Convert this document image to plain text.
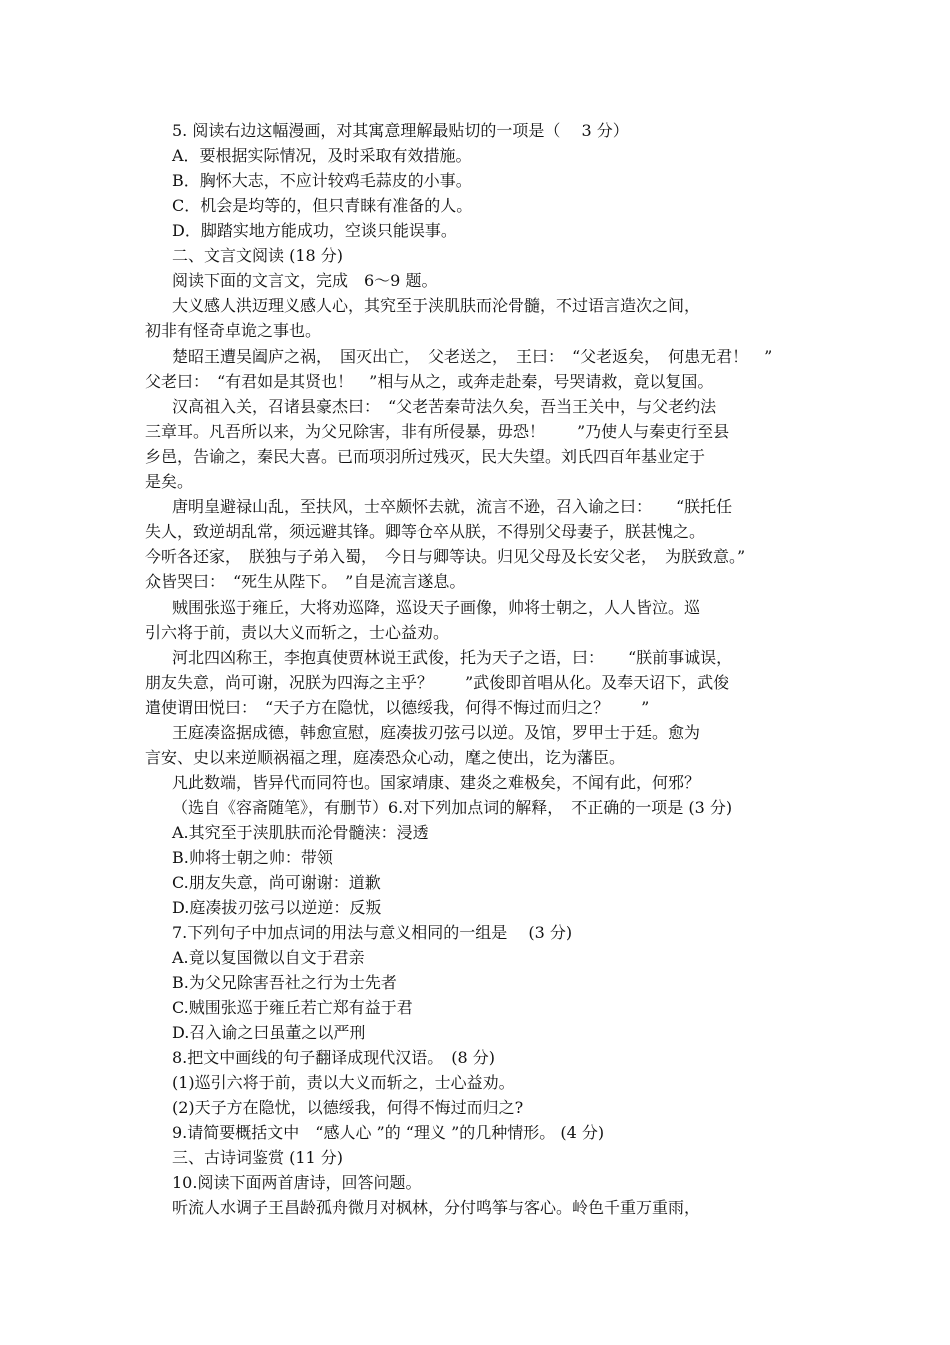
5. 阅读右边这幅漫画，对其寓意理解最贴切的一项是（　 3 分）
A．要根据实际情况，及时采取有效措施。
B．胸怀大志，不应计较鸡毛蒜皮的小事。
C．机会是均等的，但只青睐有准备的人。
D．脚踏实地方能成功，空谈只能误事。
二、文言文阅读 (18 分)
阅读下面的文言文，完成　6～9 题。
大义感人洪迈理义感人心，其究至于浃肌肤而沦骨髓，不过语言造次之间，
初非有怪奇卓诡之事也。
楚昭王遭吴阖庐之祸，　国灭出亡，　父老送之，　王曰：　“父老返矣，　何患无君！　”
父老曰：　“有君如是其贤也！　”相与从之，或奔走赴秦，号哭请救，竟以复国。
汉高祖入关，召诸县豪杰曰：　“父老苦秦苛法久矣，吾当王关中，与父老约法
三章耳。凡吾所以来，为父兄除害，非有所侵暴，毋恐！　　”乃使人与秦吏行至县
乡邑，告谕之，秦民大喜。已而项羽所过残灭，民大失望。刘氏四百年基业定于
是矣。
唐明皇避禄山乱，至扶风，士卒颇怀去就，流言不逊，召入谕之曰：　　“朕托任
失人，致逆胡乱常，须远避其锋。卿等仓卒从朕，不得别父母妻子，朕甚愧之。
今听各还家，　朕独与子弟入蜀，　今日与卿等诀。归见父母及长安父老，　为朕致意。”
众皆哭曰：　“死生从陛下。　”自是流言遂息。
贼围张巡于雍丘，大将劝巡降，巡设天子画像，帅将士朝之，人人皆泣。巡
引六将于前，责以大义而斩之，士心益劝。
河北四凶称王，李抱真使贾林说王武俊，托为天子之语，曰：　　“朕前事诚误，
朋友失意，尚可谢，况朕为四海之主乎？　　”武俊即首唱从化。及奉天诏下，武俊
遣使谓田悦曰：　“天子方在隐忧，以德绥我，何得不悔过而归之？　　”
王庭凑盗据成德，韩愈宣慰，庭凑拔刃弦弓以逆。及馆，罗甲士于廷。愈为
言安、史以来逆顺祸福之理，庭凑恐众心动，麾之使出，讫为藩臣。
凡此数端，皆异代而同符也。国家靖康、建炎之难极矣，不闻有此，何邪？
（选自《容斋随笔》，有删节）6.对下列加点词的解释，　不正确的一项是 (3 分)
A.其究至于浃肌肤而沦骨髓浃：浸透
B.帅将士朝之帅：带领
C.朋友失意，尚可谢谢：道歉
D.庭凑拔刃弦弓以逆逆：反叛
7.下列句子中加点词的用法与意义相同的一组是　 (3 分)
A.竟以复国微以自文于君亲
B.为父兄除害吾社之行为士先者
C.贼围张巡于雍丘若亡郑有益于君
D.召入谕之曰虽董之以严刑
8.把文中画线的句子翻译成现代汉语。　(8 分)
(1)巡引六将于前，责以大义而斩之，士心益劝。
(2)天子方在隐忧，以德绥我，何得不悔过而归之?
9.请简要概括文中　“感人心 ”的 “理义 ”的几种情形。 (4 分)
三、古诗词鉴赏 (11 分)
10.阅读下面两首唐诗，回答问题。
听流人水调子王昌龄孤舟微月对枫林，分付鸣筝与客心。岭色千重万重雨，
